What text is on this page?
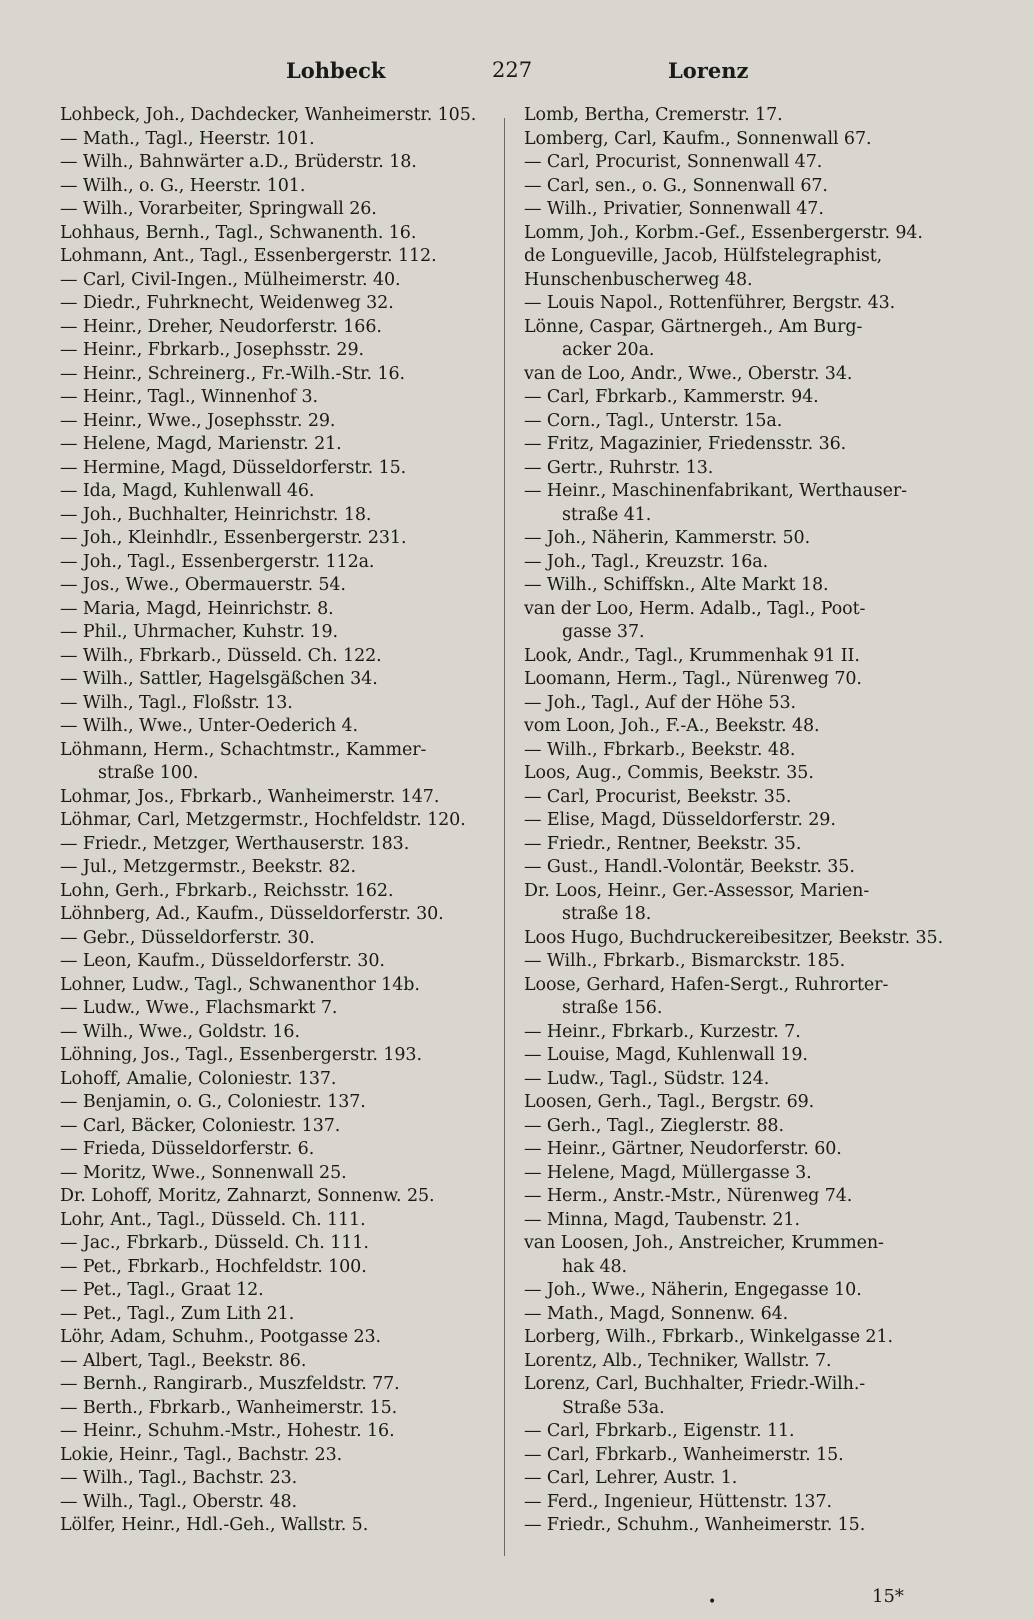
Lohbeck	227	Lorenz
Lohbeck, Joh., Dachdecker, Wanheimerstr. 105.
— Math., Tagl., Heerstr. 101.
— Wilh., Bahnwärter a.D., Brüderstr. 18.
— Wilh., o. G., Heerstr. 101.
— Wilh., Vorarbeiter, Springwall 26.
Lohhaus, Bernh., Tagl., Schwanenth. 16.
Lohmann, Ant., Tagl., Essenbergerstr. 112.
— Carl, Civil-Ingen., Mülheimerstr. 40.
— Diedr., Fuhrknecht, Weidenweg 32.
— Heinr., Dreher, Neudorferstr. 166.
— Heinr., Fbrkarb., Josephsstr. 29.
— Heinr., Schreinerg., Fr.-Wilh.-Str. 16.
— Heinr., Tagl., Winnenhof 3.
— Heinr., Wwe., Josephsstr. 29.
— Helene, Magd, Marienstr. 21.
— Hermine, Magd, Düsseldorferstr. 15.
— Ida, Magd, Kuhlenwall 46.
— Joh., Buchhalter, Heinrichstr. 18.
— Joh., Kleinhdlr., Essenbergerstr. 231.
— Joh., Tagl., Essenbergerstr. 112a.
— Jos., Wwe., Obermauerstr. 54.
— Maria, Magd, Heinrichstr. 8.
— Phil., Uhrmacher, Kuhstr. 19.
— Wilh., Fbrkarb., Düsseld. Ch. 122.
— Wilh., Sattler, Hagelsgäßchen 34.
— Wilh., Tagl., Floßstr. 13.
— Wilh., Wwe., Unter-Oederich 4.
Löhmann, Herm., Schachtmstr., Kammer-
straße 100.
Lohmar, Jos., Fbrkarb., Wanheimerstr. 147.
Löhmar, Carl, Metzgermstr., Hochfeldstr. 120.
— Friedr., Metzger, Werthauserstr. 183.
— Jul., Metzgermstr., Beekstr. 82.
Lohn, Gerh., Fbrkarb., Reichsstr. 162.
Löhnberg, Ad., Kaufm., Düsseldorferstr. 30.
— Gebr., Düsseldorferstr. 30.
— Leon, Kaufm., Düsseldorferstr. 30.
Lohner, Ludw., Tagl., Schwanenthor 14b.
— Ludw., Wwe., Flachsmarkt 7.
— Wilh., Wwe., Goldstr. 16.
Löhning, Jos., Tagl., Essenbergerstr. 193.
Lohoff, Amalie, Coloniestr. 137.
— Benjamin, o. G., Coloniestr. 137.
— Carl, Bäcker, Coloniestr. 137.
— Frieda, Düsseldorferstr. 6.
— Moritz, Wwe., Sonnenwall 25.
Dr. Lohoff, Moritz, Zahnarzt, Sonnenw. 25.
Lohr, Ant., Tagl., Düsseld. Ch. 111.
— Jac., Fbrkarb., Düsseld. Ch. 111.
— Pet., Fbrkarb., Hochfeldstr. 100.
— Pet., Tagl., Graat 12.
— Pet., Tagl., Zum Lith 21.
Löhr, Adam, Schuhm., Pootgasse 23.
— Albert, Tagl., Beekstr. 86.
— Bernh., Rangirarb., Muszfeldstr. 77.
— Berth., Fbrkarb., Wanheimerstr. 15.
— Heinr., Schuhm.-Mstr., Hohestr. 16.
Lokie, Heinr., Tagl., Bachstr. 23.
— Wilh., Tagl., Bachstr. 23.
— Wilh., Tagl., Oberstr. 48.
Lölfer, Heinr., Hdl.-Geh., Wallstr. 5.
Lomb, Bertha, Cremerstr. 17.
Lomberg, Carl, Kaufm., Sonnenwall 67.
— Carl, Procurist, Sonnenwall 47.
— Carl, sen., o. G., Sonnenwall 67.
— Wilh., Privatier, Sonnenwall 47.
Lomm, Joh., Korbm.-Gef., Essenbergerstr. 94.
de Longueville, Jacob, Hülfstelegraphist,
Hunschenbuscherweg 48.
— Louis Napol., Rottenführer, Bergstr. 43.
Lönne, Caspar, Gärtnergeh., Am Burg-
acker 20a.
van de Loo, Andr., Wwe., Oberstr. 34.
— Carl, Fbrkarb., Kammerstr. 94.
— Corn., Tagl., Unterstr. 15a.
— Fritz, Magazinier, Friedensstr. 36.
— Gertr., Ruhrstr. 13.
— Heinr., Maschinenfabrikant, Werthauser-
straße 41.
— Joh., Näherin, Kammerstr. 50.
— Joh., Tagl., Kreuzstr. 16a.
— Wilh., Schiffskn., Alte Markt 18.
van der Loo, Herm. Adalb., Tagl., Poot-
gasse 37.
Look, Andr., Tagl., Krummenhak 91 II.
Loomann, Herm., Tagl., Nürenweg 70.
— Joh., Tagl., Auf der Höhe 53.
vom Loon, Joh., F.-A., Beekstr. 48.
— Wilh., Fbrkarb., Beekstr. 48.
Loos, Aug., Commis, Beekstr. 35.
— Carl, Procurist, Beekstr. 35.
— Elise, Magd, Düsseldorferstr. 29.
— Friedr., Rentner, Beekstr. 35.
— Gust., Handl.-Volontär, Beekstr. 35.
Dr. Loos, Heinr., Ger.-Assessor, Marien-
straße 18.
Loos Hugo, Buchdruckereibesitzer, Beekstr. 35.
— Wilh., Fbrkarb., Bismarckstr. 185.
Loose, Gerhard, Hafen-Sergt., Ruhrorter-
straße 156.
— Heinr., Fbrkarb., Kurzestr. 7.
— Louise, Magd, Kuhlenwall 19.
— Ludw., Tagl., Südstr. 124.
Loosen, Gerh., Tagl., Bergstr. 69.
— Gerh., Tagl., Zieglerstr. 88.
— Heinr., Gärtner, Neudorferstr. 60.
— Helene, Magd, Müllergasse 3.
— Herm., Anstr.-Mstr., Nürenweg 74.
— Minna, Magd, Taubenstr. 21.
van Loosen, Joh., Anstreicher, Krummen-
hak 48.
— Joh., Wwe., Näherin, Engegasse 10.
— Math., Magd, Sonnenw. 64.
Lorberg, Wilh., Fbrkarb., Winkelgasse 21.
Lorentz, Alb., Techniker, Wallstr. 7.
Lorenz, Carl, Buchhalter, Friedr.-Wilh.-
Straße 53a.
— Carl, Fbrkarb., Eigenstr. 11.
— Carl, Fbrkarb., Wanheimerstr. 15.
— Carl, Lehrer, Austr. 1.
— Ferd., Ingenieur, Hüttenstr. 137.
— Friedr., Schuhm., Wanheimerstr. 15.
•	15*
